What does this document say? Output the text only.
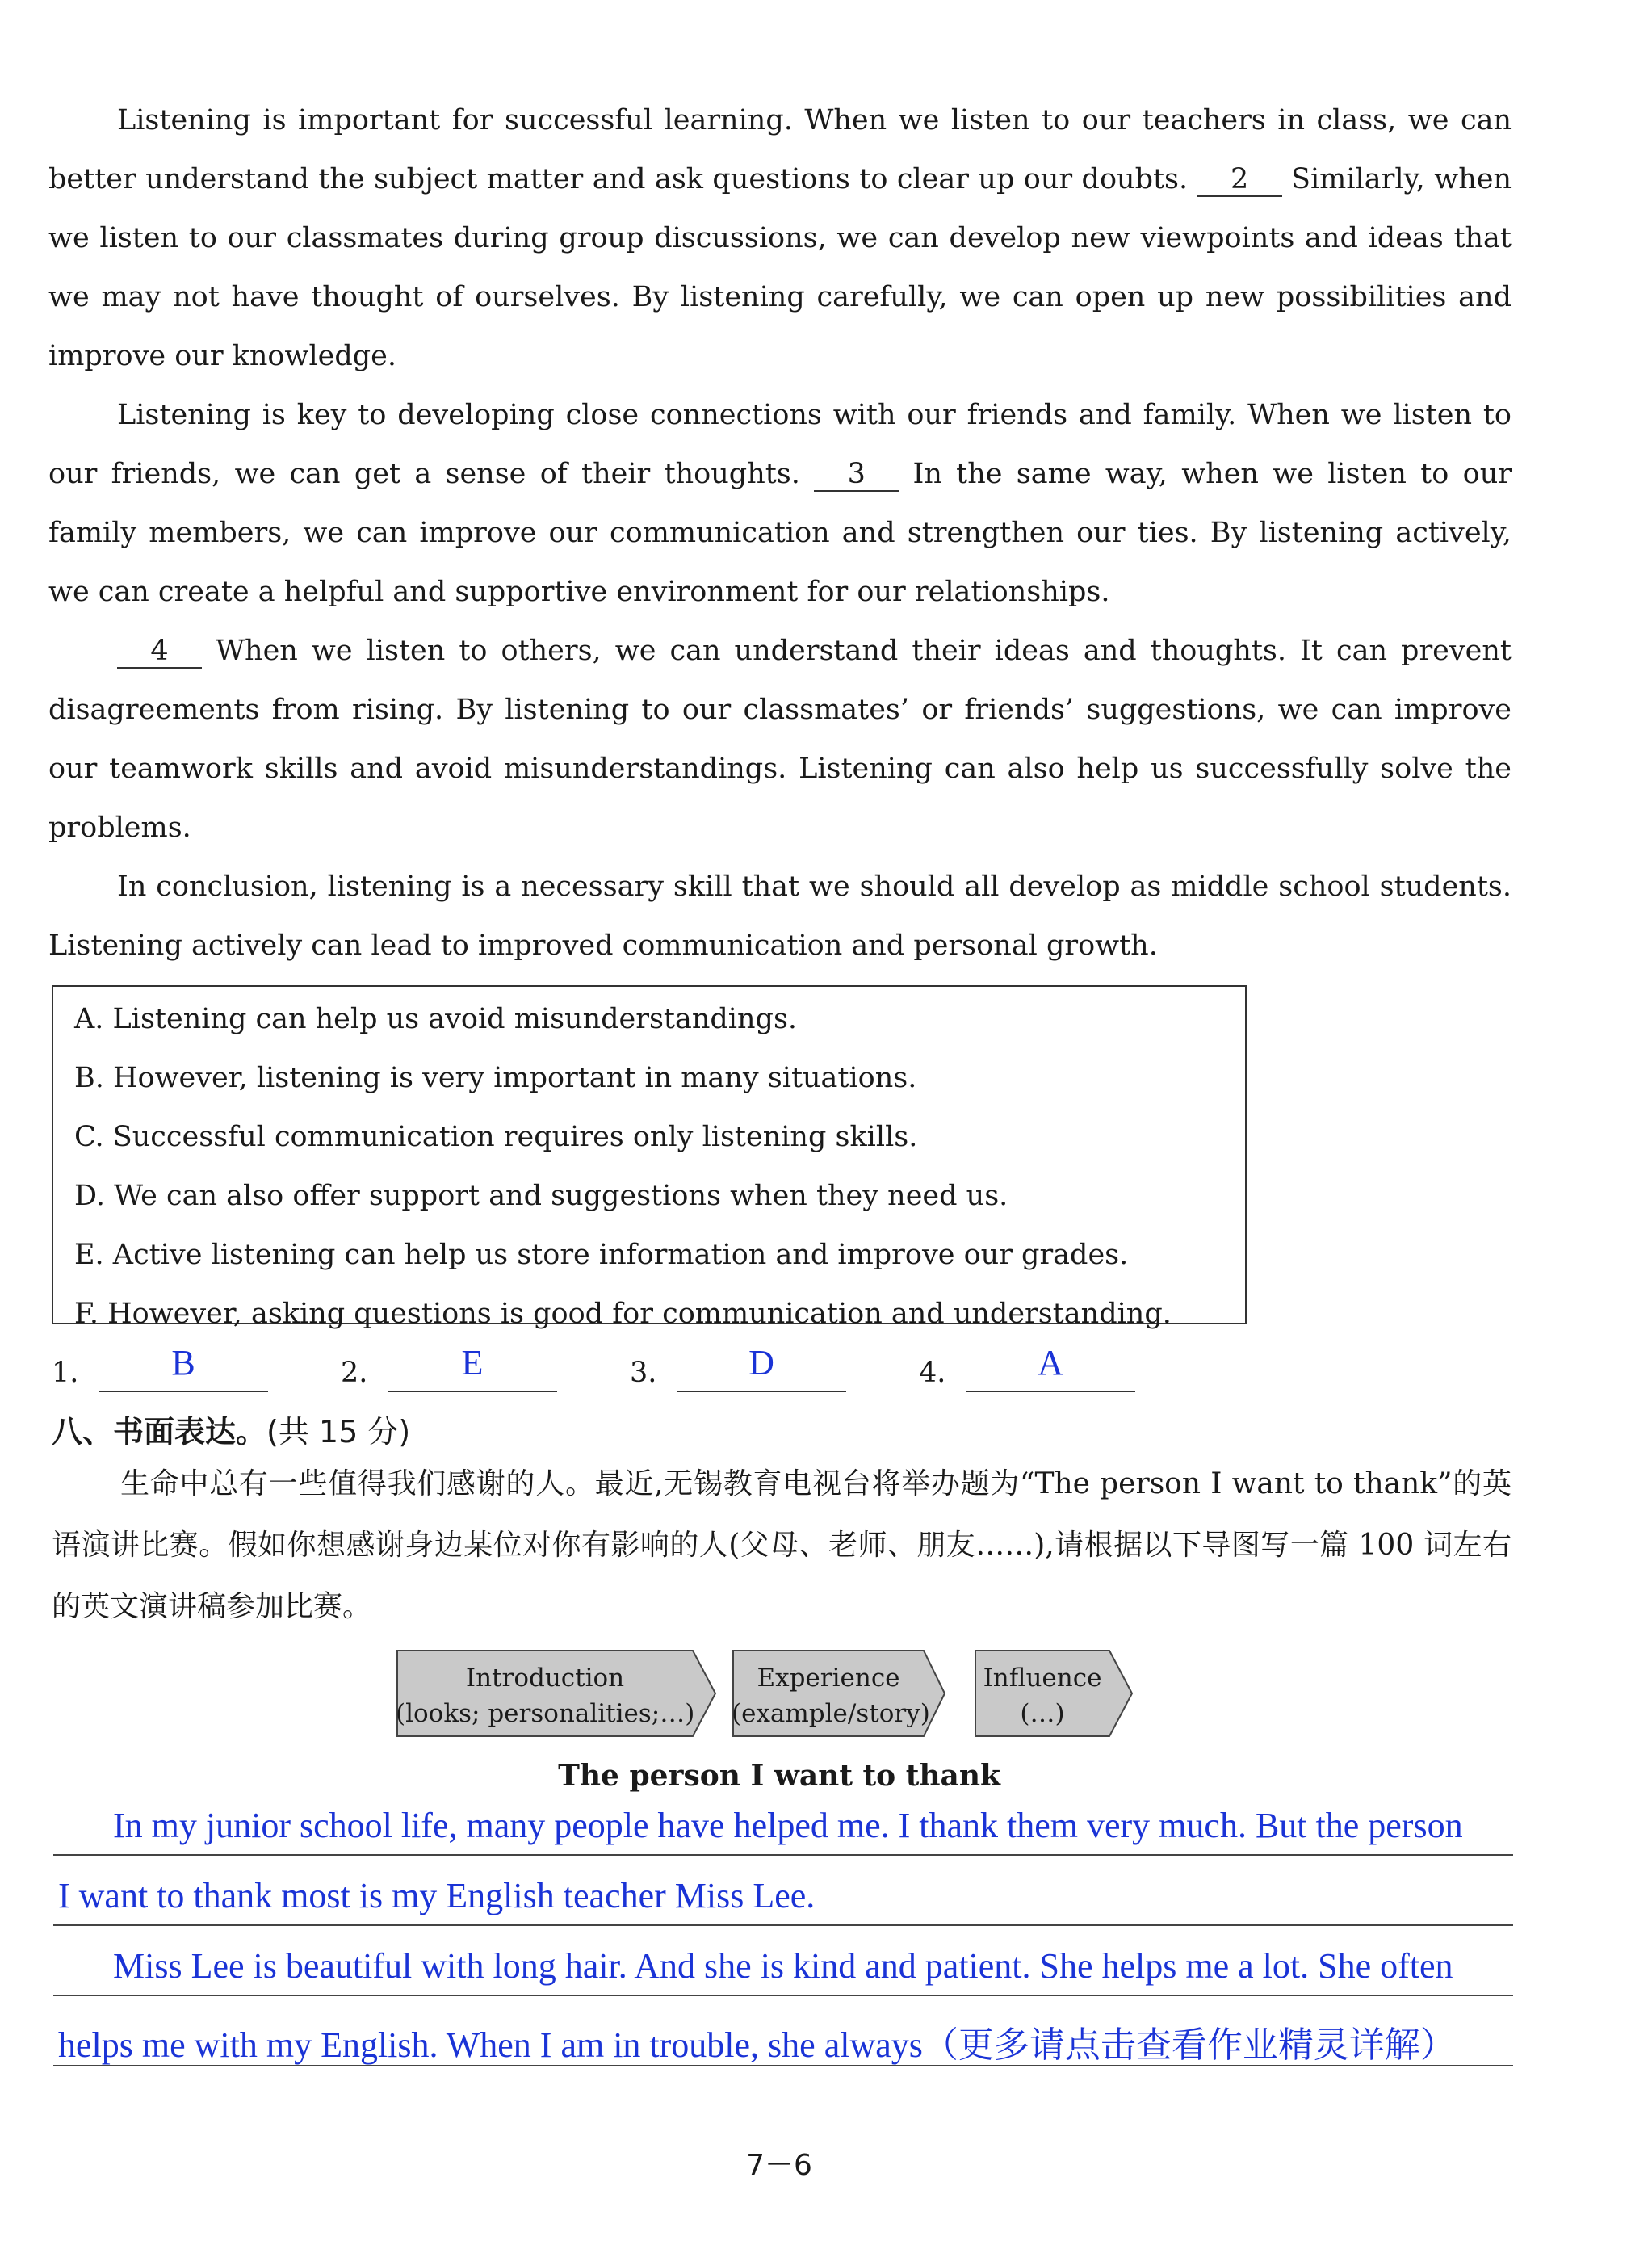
Listening is important for successful learning. When we listen to our teachers in class, we can better understand the subject matter and ask questions to clear up our doubts. 2 Similarly, when we listen to our classmates during group discussions, we can develop new viewpoints and ideas that we may not have thought of ourselves. By listening carefully, we can open up new possibilities and improve our knowledge.

Listening is key to developing close connections with our friends and family. When we listen to our friends, we can get a sense of their thoughts. 3 In the same way, when we listen to our family members, we can improve our communication and strengthen our ties. By listening actively, we can create a helpful and supportive environment for our relationships.

4 When we listen to others, we can understand their ideas and thoughts. It can prevent disagreements from rising. By listening to our classmates’ or friends’ suggestions, we can improve our teamwork skills and avoid misunderstandings. Listening can also help us successfully solve the problems.

In conclusion, listening is a necessary skill that we should all develop as middle school students. Listening actively can lead to improved communication and personal growth.

A. Listening can help us avoid misunderstandings.
B. However, listening is very important in many situations.
C. Successful communication requires only listening skills.
D. We can also offer support and suggestions when they need us.
E. Active listening can help us store information and improve our grades.
F. However, asking questions is good for communication and understanding.
1.	B	2.	E	3.	D	4.	A
八、书面表达。(共 15 分)

生命中总有一些值得我们感谢的人。最近,无锡教育电视台将举办题为“The person I want to thank”的英语演讲比赛。假如你想感谢身边某位对你有影响的人(父母、老师、朋友……),请根据以下导图写一篇 100 词左右的英文演讲稿参加比赛。

Introduction
(looks; personalities;…)
Experience
(example/story)
Influence
(…)
The person I want to thank
In my junior school life, many people have helped me. I thank them very much. But the person
I want to thank most is my English teacher Miss Lee.
Miss Lee is beautiful with long hair. And she is kind and patient. She helps me a lot. She often
helps me with my English. When I am in trouble, she always（更多请点击查看作业精灵详解）
7－6
